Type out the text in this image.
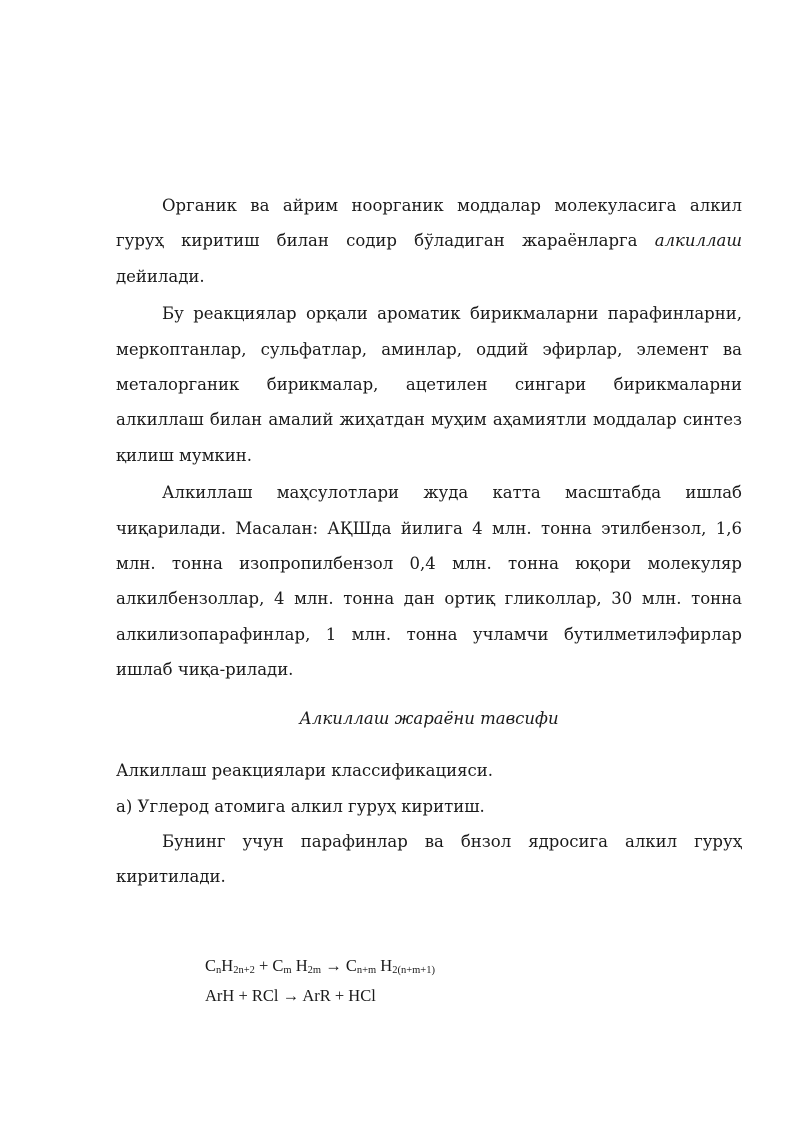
Органик ва айрим ноорганик моддалар молекуласига алкил гуруҳ киритиш билан содир бўладиган жараёнларга алкиллаш дейилади.

Бу реакциялар орқали ароматик бирикмаларни парафинларни, меркоптанлар, сульфатлар, аминлар, оддий эфирлар, элемент ва металорганик бирикмалар, ацетилен сингари бирикмаларни алкиллаш билан амалий жиҳатдан муҳим аҳамиятли моддалар синтез қилиш мумкин.

Алкиллаш маҳсулотлари жуда катта масштабда ишлаб чиқарилади. Масалан: АҚШда йилига 4 млн. тонна этилбензол, 1,6 млн. тонна изопропилбензол 0,4 млн. тонна юқори молекуляр алкилбензоллар, 4 млн. тонна дан ортиқ гликоллар, 30 млн. тонна алкилизопарафинлар, 1 млн. тонна учламчи бутилметилэфирлар ишлаб чиқа-рилади.

Алкиллаш жараёни тавсифи

Алкиллаш реакциялари классификацияси.

а) Углерод атомига алкил гуруҳ киритиш.

Бунинг учун парафинлар ва бнзол ядросига алкил гуруҳ киритилади.

$C_nH_{2n+2} + C_m$ $H_{2m} \to C_{n+m}$ $H_{2(n+m+1)}$
ArH + RCl → ArR + HCl
